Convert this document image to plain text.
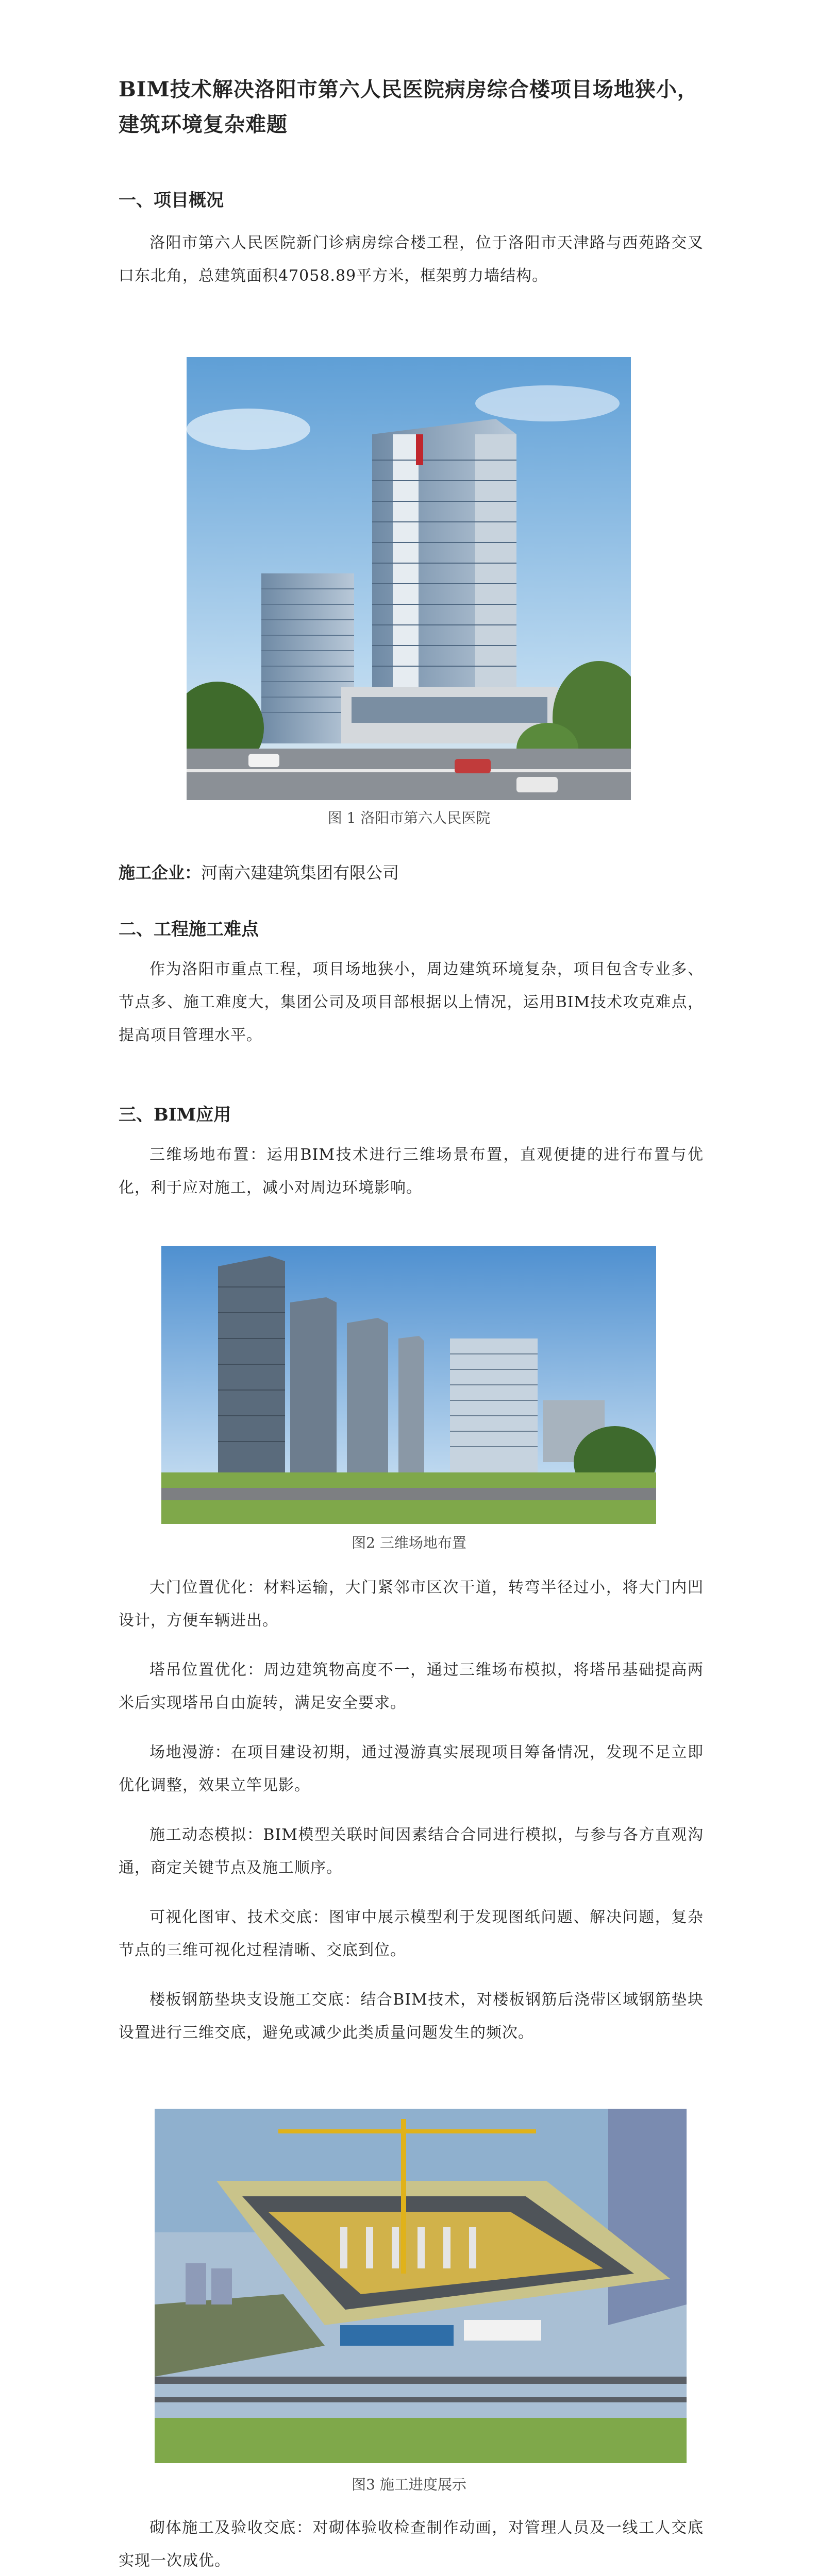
BIM技术解决洛阳市第六人民医院病房综合楼项目场地狭小，建筑环境复杂难题
一、项目概况
洛阳市第六人民医院新门诊病房综合楼工程，位于洛阳市天津路与西苑路交叉口东北角，总建筑面积47058.89平方米，框架剪力墙结构。
图 1 洛阳市第六人民医院
施工企业：河南六建建筑集团有限公司
二、工程施工难点
作为洛阳市重点工程，项目场地狭小，周边建筑环境复杂，项目包含专业多、节点多、施工难度大，集团公司及项目部根据以上情况，运用BIM技术攻克难点，提高项目管理水平。
三、BIM应用
三维场地布置：运用BIM技术进行三维场景布置，直观便捷的进行布置与优化，利于应对施工，减小对周边环境影响。
图2 三维场地布置
大门位置优化：材料运输，大门紧邻市区次干道，转弯半径过小，将大门内凹设计，方便车辆进出。
塔吊位置优化：周边建筑物高度不一，通过三维场布模拟，将塔吊基础提高两米后实现塔吊自由旋转，满足安全要求。
场地漫游：在项目建设初期，通过漫游真实展现项目筹备情况，发现不足立即优化调整，效果立竿见影。
施工动态模拟：BIM模型关联时间因素结合合同进行模拟，与参与各方直观沟通，商定关键节点及施工顺序。
可视化图审、技术交底：图审中展示模型利于发现图纸问题、解决问题，复杂节点的三维可视化过程清晰、交底到位。
楼板钢筋垫块支设施工交底：结合BIM技术，对楼板钢筋后浇带区域钢筋垫块设置进行三维交底，避免或减少此类质量问题发生的频次。
图3 施工进度展示
砌体施工及验收交底：对砌体验收检查制作动画，对管理人员及一线工人交底实现一次成优。
